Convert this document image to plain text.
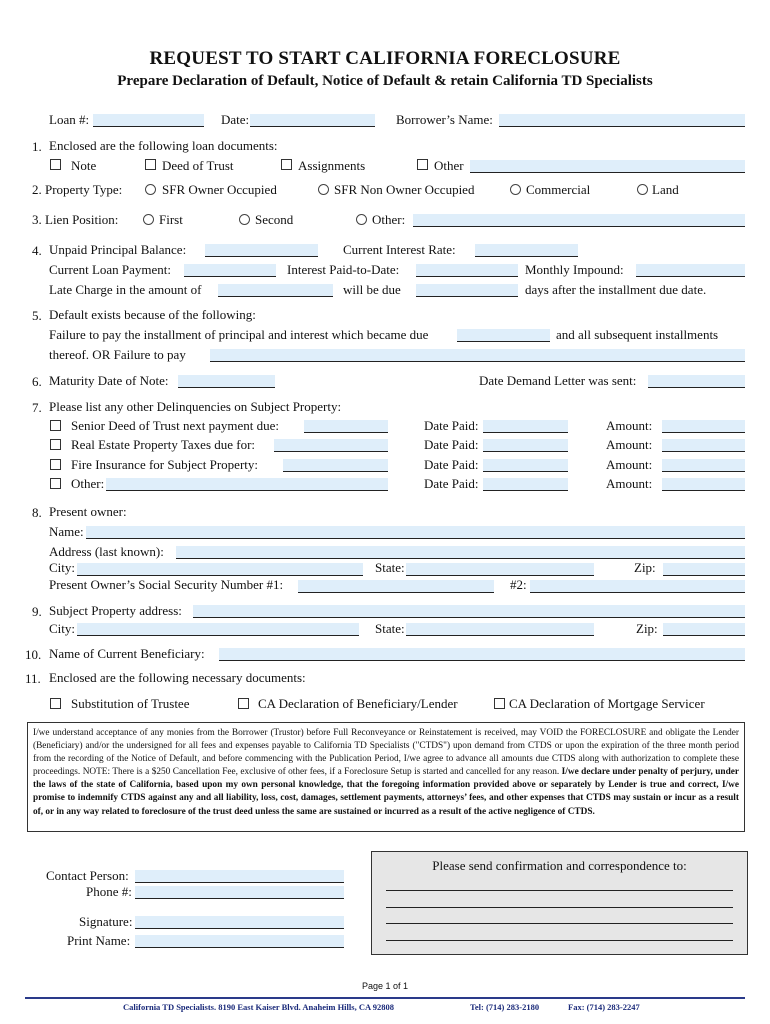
REQUEST TO START CALIFORNIA FORECLOSURE
Prepare Declaration of Default, Notice of Default & retain California TD Specialists
Loan #:	Date:	Borrower’s Name:
1. Enclosed are the following loan documents:
Note	Deed of Trust	Assignments	Other
2. Property Type:	SFR Owner Occupied	SFR Non Owner Occupied	Commercial	Land
3. Lien Position:	First	Second	Other:
4. Unpaid Principal Balance:	Current Interest Rate:
Current Loan Payment:	Interest Paid-to-Date:	Monthly Impound:
Late Charge in the amount of	will be due	days after the installment due date.
5. Default exists because of the following:
Failure to pay the installment of principal and interest which became due	and all subsequent installments
thereof. OR Failure to pay
6. Maturity Date of Note:	Date Demand Letter was sent:
7. Please list any other Delinquencies on Subject Property:
Senior Deed of Trust next payment due:	Date Paid:	Amount:
Real Estate Property Taxes due for:	Date Paid:	Amount:
Fire Insurance for Subject Property:	Date Paid:	Amount:
Other:	Date Paid:	Amount:
8. Present owner:
Name:
Address (last known):
City:	State:	Zip:
Present Owner’s Social Security Number #1:	#2:
9. Subject Property address:
City:	State:	Zip:
10. Name of Current Beneficiary:
11. Enclosed are the following necessary documents:
Substitution of Trustee	CA Declaration of Beneficiary/Lender	CA Declaration of Mortgage Servicer
I/we understand acceptance of any monies from the Borrower (Trustor) before Full Reconveyance or Reinstatement is received, may VOID the FORECLOSURE and obligate the Lender (Beneficiary) and/or the undersigned for all fees and expenses payable to California TD Specialists ("CTDS") upon demand from CTDS or upon the expiration of the three month period from the recording of the Notice of Default, and before commencing with the Publication Period, I/we agree to advance all amounts due CTDS along with authorization to complete these proceedings. NOTE: There is a $250 Cancellation Fee, exclusive of other fees, if a Foreclosure Setup is started and cancelled for any reason. I/we declare under penalty of perjury, under the laws of the state of California, based upon my own personal knowledge, that the foregoing information provided above or separately by Lender is true and correct, I/we promise to indemnify CTDS against any and all liability, loss, cost, damages, settlement payments, attorneys’ fees, and other expenses that CTDS may sustain or incur as a result of, or in any way related to foreclosure of the trust deed unless the same are sustained or incurred as a result of the active negligence of CTDS.
Contact Person:
Phone #:
Signature:
Print Name:
Please send confirmation and correspondence to:
Page 1 of 1
California TD Specialists. 8190 East Kaiser Blvd. Anaheim Hills, CA 92808	Tel: (714) 283-2180	Fax: (714) 283-2247
